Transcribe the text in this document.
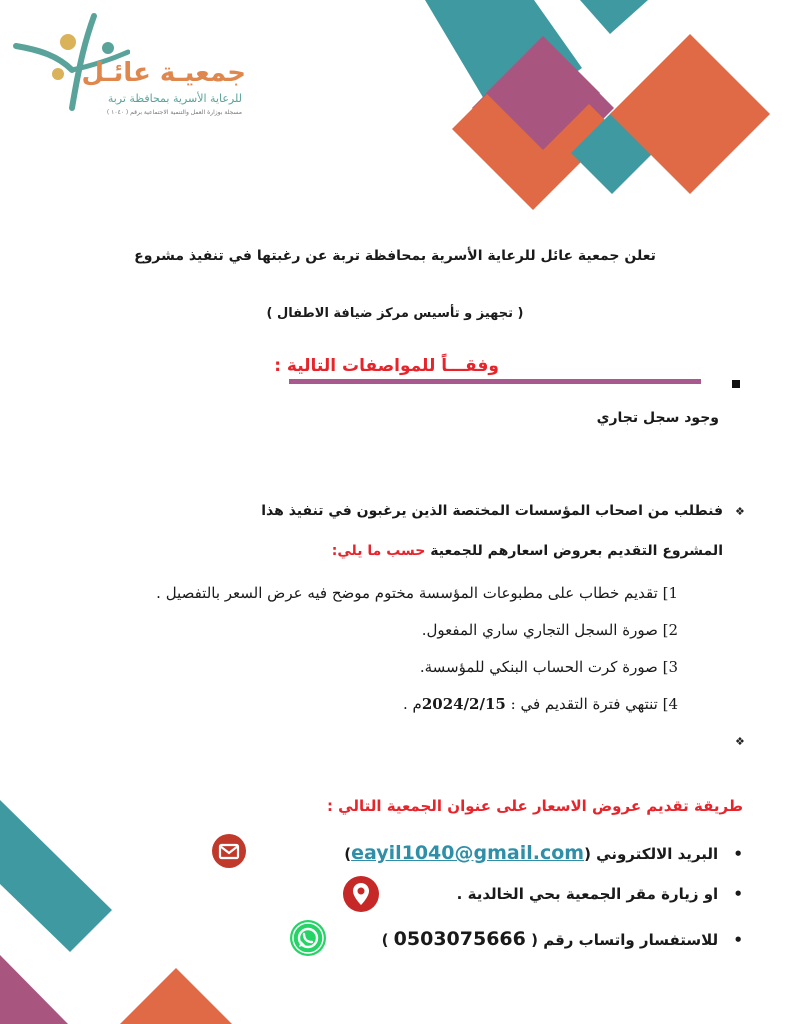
جمعيـة عائـل
للرعاية الأسرية بمحافظة تربة
مسجلة بوزارة العمل والتنمية الاجتماعية برقم ( ١٠٤٠ )
تعلن جمعية عائل للرعاية الأسرية بمحافظة تربة عن رغبتها في تنفيذ مشروع
( تجهيز و تأسيس مركز ضيافة الاطفال )
وفقـــاً للمواصفات التالية :
وجود سجل تجاري
❖
فنطلب من اصحاب المؤسسات المختصة الذين يرغبون في تنفيذ هذا
المشروع التقديم بعروض اسعارهم للجمعية حسب ما يلي:
1] تقديم خطاب على مطبوعات المؤسسة مختوم موضح فيه عرض السعر بالتفصيل .
2] صورة السجل التجاري ساري المفعول.
3] صورة كرت الحساب البنكي للمؤسسة.
4] تنتهي فترة التقديم في : 2024/2/15م .
❖
طريقة تقديم عروض الاسعار على عنوان الجمعية التالي :
• البريد الالكتروني (eayil1040@gmail.com)
• او زيارة مقر الجمعية بحي الخالدية .
• للاستفسار واتساب رقم ( 0503075666 )
